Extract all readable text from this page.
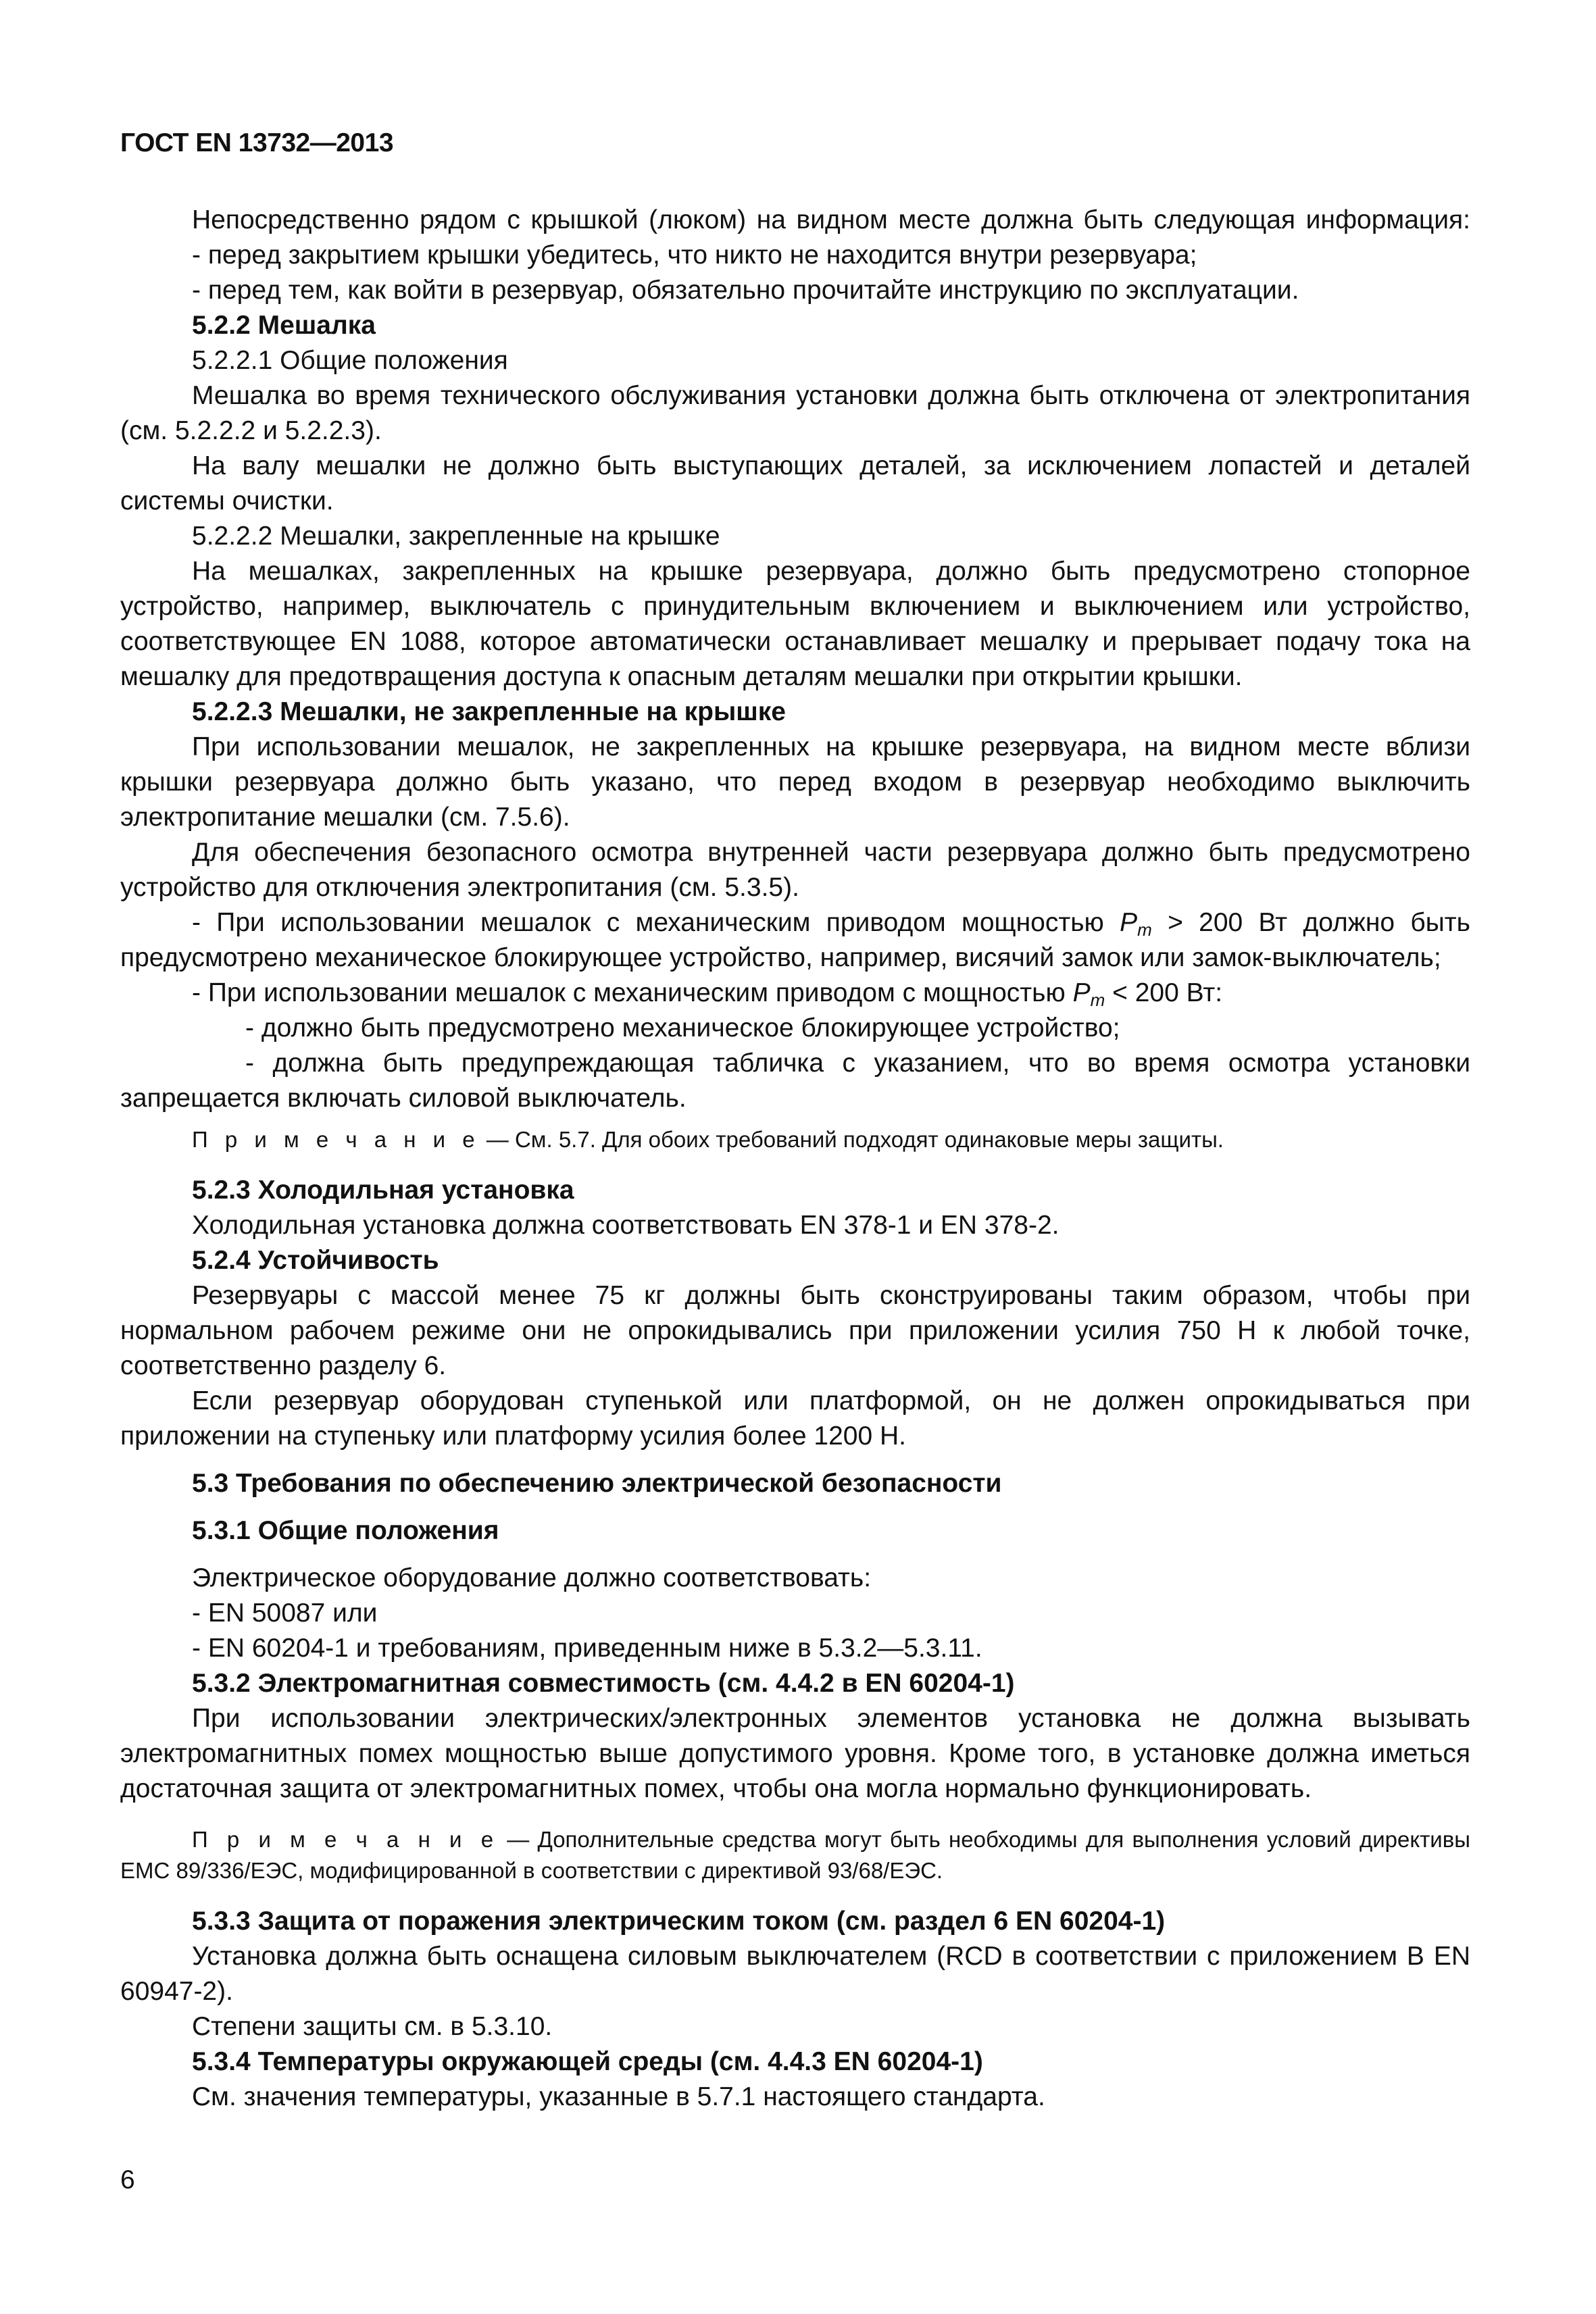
ГОСТ EN 13732—2013

Непосредственно рядом с крышкой (люком) на видном месте должна быть следующая информация:

- перед закрытием крышки убедитесь, что никто не находится внутри резервуара;

- перед тем, как войти в резервуар, обязательно прочитайте инструкцию по эксплуатации.

5.2.2 Мешалка

5.2.2.1 Общие положения

Мешалка во время технического обслуживания установки должна быть отключена от электропитания (см. 5.2.2.2 и 5.2.2.3).

На валу мешалки не должно быть выступающих деталей, за исключением лопастей и деталей системы очистки.

5.2.2.2 Мешалки, закрепленные на крышке

На мешалках, закрепленных на крышке резервуара, должно быть предусмотрено стопорное устройство, например, выключатель с принудительным включением и выключением или устройство, соответствующее EN 1088, которое автоматически останавливает мешалку и прерывает подачу тока на мешалку для предотвращения доступа к опасным деталям мешалки при открытии крышки.

5.2.2.3 Мешалки, не закрепленные на крышке

При использовании мешалок, не закрепленных на крышке резервуара, на видном месте вблизи крышки резервуара должно быть указано, что перед входом в резервуар необходимо выключить электропитание мешалки (см. 7.5.6).

Для обеспечения безопасного осмотра внутренней части резервуара должно быть предусмотрено устройство для отключения электропитания (см. 5.3.5).

- При использовании мешалок с механическим приводом мощностью $P_m > 200$ Вт должно быть предусмотрено механическое блокирующее устройство, например, висячий замок или замок-выключатель;

- При использовании мешалок с механическим приводом с мощностью $P_m < 200$ Вт:

- должно быть предусмотрено механическое блокирующее устройство;

- должна быть предупреждающая табличка с указанием, что во время осмотра установки запрещается включать силовой выключатель.

П р и м е ч а н и е — См. 5.7. Для обоих требований подходят одинаковые меры защиты.

5.2.3 Холодильная установка

Холодильная установка должна соответствовать EN 378-1 и EN 378-2.

5.2.4 Устойчивость

Резервуары с массой менее 75 кг должны быть сконструированы таким образом, чтобы при нормальном рабочем режиме они не опрокидывались при приложении усилия 750 Н к любой точке, соответственно разделу 6.

Если резервуар оборудован ступенькой или платформой, он не должен опрокидываться при приложении на ступеньку или платформу усилия более 1200 Н.

5.3 Требования по обеспечению электрической безопасности

5.3.1 Общие положения

Электрическое оборудование должно соответствовать:

- EN 50087 или

- EN 60204-1 и требованиям, приведенным ниже в 5.3.2—5.3.11.

5.3.2 Электромагнитная совместимость (см. 4.4.2 в EN 60204-1)

При использовании электрических/электронных элементов установка не должна вызывать электромагнитных помех мощностью выше допустимого уровня. Кроме того, в установке должна иметься достаточная защита от электромагнитных помех, чтобы она могла нормально функционировать.

П р и м е ч а н и е — Дополнительные средства могут быть необходимы для выполнения условий директивы ЕМС 89/336/ЕЭС, модифицированной в соответствии с директивой 93/68/ЕЭС.

5.3.3 Защита от поражения электрическим током (см. раздел 6 EN 60204-1)

Установка должна быть оснащена силовым выключателем (RCD в соответствии с приложением В EN 60947-2).

Степени защиты см. в 5.3.10.

5.3.4 Температуры окружающей среды (см. 4.4.3 EN 60204-1)

См. значения температуры, указанные в 5.7.1 настоящего стандарта.

6
